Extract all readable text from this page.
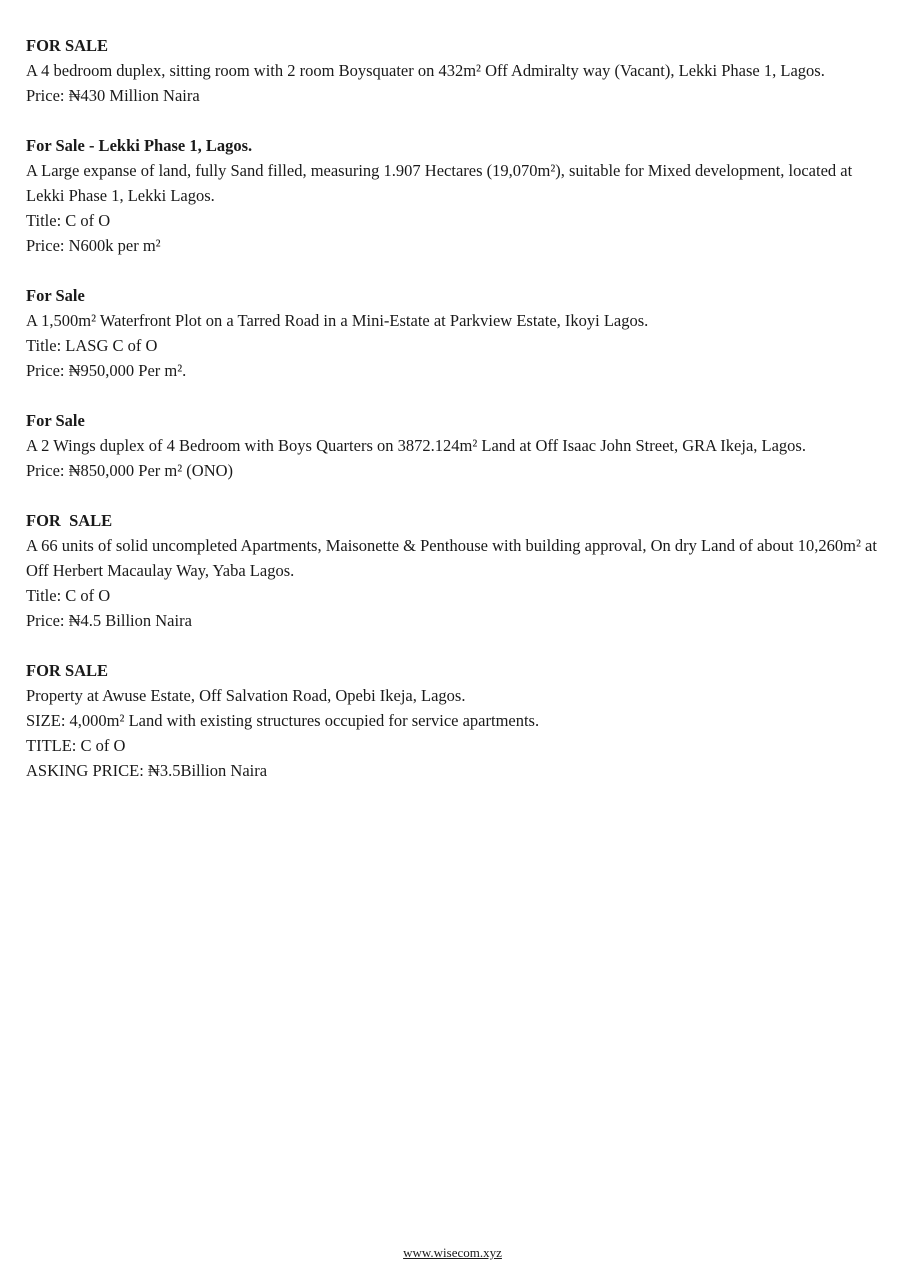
FOR SALE

A 4 bedroom duplex, sitting room with 2 room Boysquater on 432m² Off Admiralty way (Vacant), Lekki Phase 1, Lagos.

Price: ₦430 Million Naira

For Sale - Lekki Phase 1, Lagos.

A Large expanse of land, fully Sand filled, measuring 1.907 Hectares (19,070m²), suitable for Mixed development, located at Lekki Phase 1, Lekki Lagos.

Title: C of O

Price: N600k per m²

For Sale

A 1,500m² Waterfront Plot on a Tarred Road in a Mini-Estate at Parkview Estate, Ikoyi Lagos.

Title: LASG C of O

Price: ₦950,000 Per m².

For Sale

A 2 Wings duplex of 4 Bedroom with Boys Quarters on 3872.124m² Land at Off Isaac John Street, GRA Ikeja, Lagos.

Price: ₦850,000 Per m² (ONO)

FOR  SALE

A 66 units of solid uncompleted Apartments, Maisonette & Penthouse with building approval, On dry Land of about 10,260m² at Off Herbert Macaulay Way, Yaba Lagos.

Title: C of O

Price: ₦4.5 Billion Naira

FOR SALE

Property at Awuse Estate, Off Salvation Road, Opebi Ikeja, Lagos.

SIZE: 4,000m² Land with existing structures occupied for service apartments.

TITLE: C of O

ASKING PRICE: ₦3.5Billion Naira

www.wisecom.xyz
